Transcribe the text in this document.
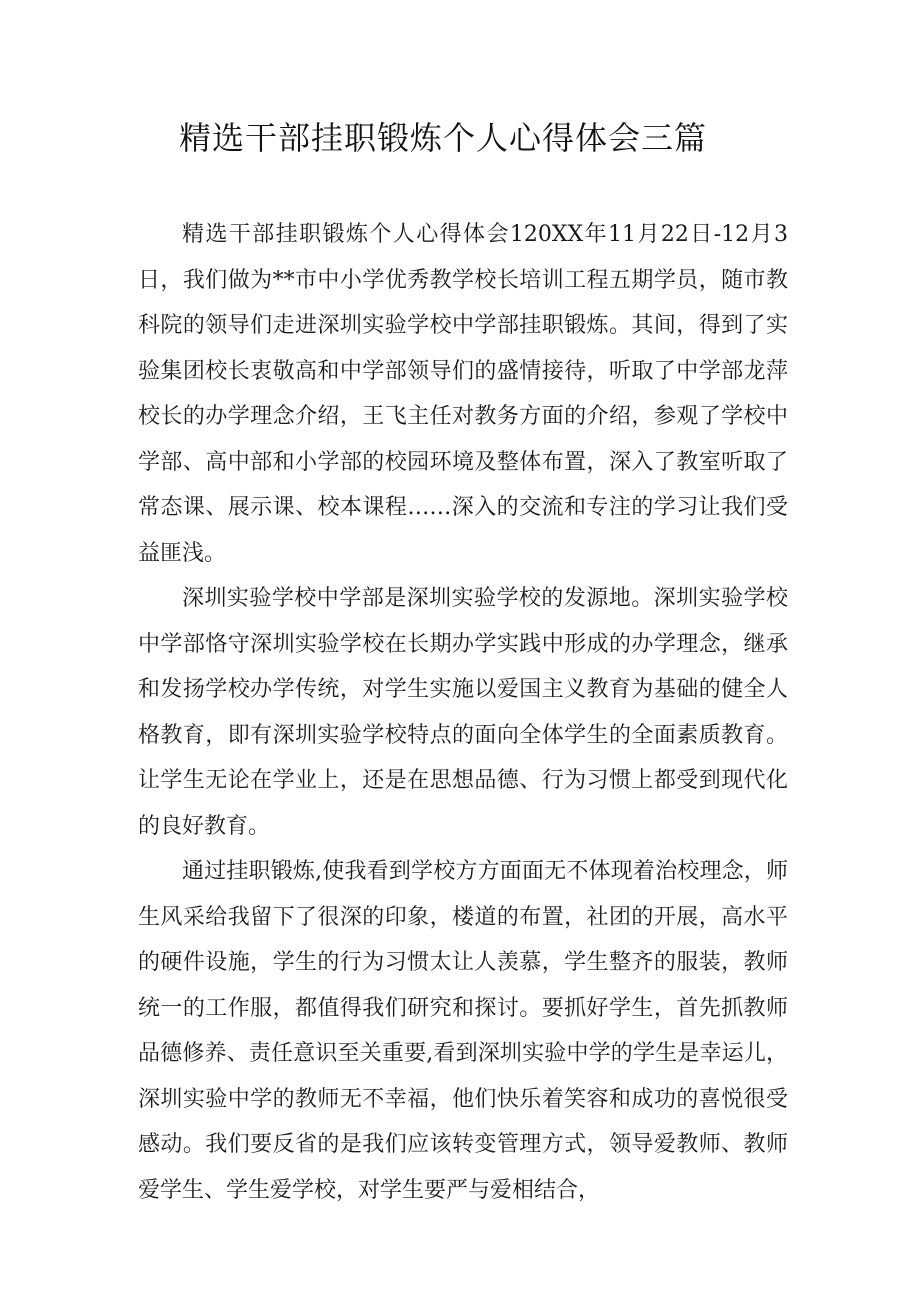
精选干部挂职锻炼个人心得体会三篇

精选干部挂职锻炼个人心得体会120XX年11月22日-12月3日，我们做为**市中小学优秀教学校长培训工程五期学员，随市教科院的领导们走进深圳实验学校中学部挂职锻炼。其间，得到了实验集团校长衷敬高和中学部领导们的盛情接待，听取了中学部龙萍校长的办学理念介绍，王飞主任对教务方面的介绍，参观了学校中学部、高中部和小学部的校园环境及整体布置，深入了教室听取了常态课、展示课、校本课程……深入的交流和专注的学习让我们受益匪浅。

深圳实验学校中学部是深圳实验学校的发源地。深圳实验学校中学部恪守深圳实验学校在长期办学实践中形成的办学理念，继承和发扬学校办学传统，对学生实施以爱国主义教育为基础的健全人格教育，即有深圳实验学校特点的面向全体学生的全面素质教育。让学生无论在学业上，还是在思想品德、行为习惯上都受到现代化的良好教育。

通过挂职锻炼,使我看到学校方方面面无不体现着治校理念，师生风采给我留下了很深的印象，楼道的布置，社团的开展，高水平的硬件设施，学生的行为习惯太让人羡慕，学生整齐的服装，教师统一的工作服，都值得我们研究和探讨。要抓好学生，首先抓教师品德修养、责任意识至关重要,看到深圳实验中学的学生是幸运儿，深圳实验中学的教师无不幸福，他们快乐着笑容和成功的喜悦很受感动。我们要反省的是我们应该转变管理方式，领导爱教师、教师爱学生、学生爱学校，对学生要严与爱相结合，
